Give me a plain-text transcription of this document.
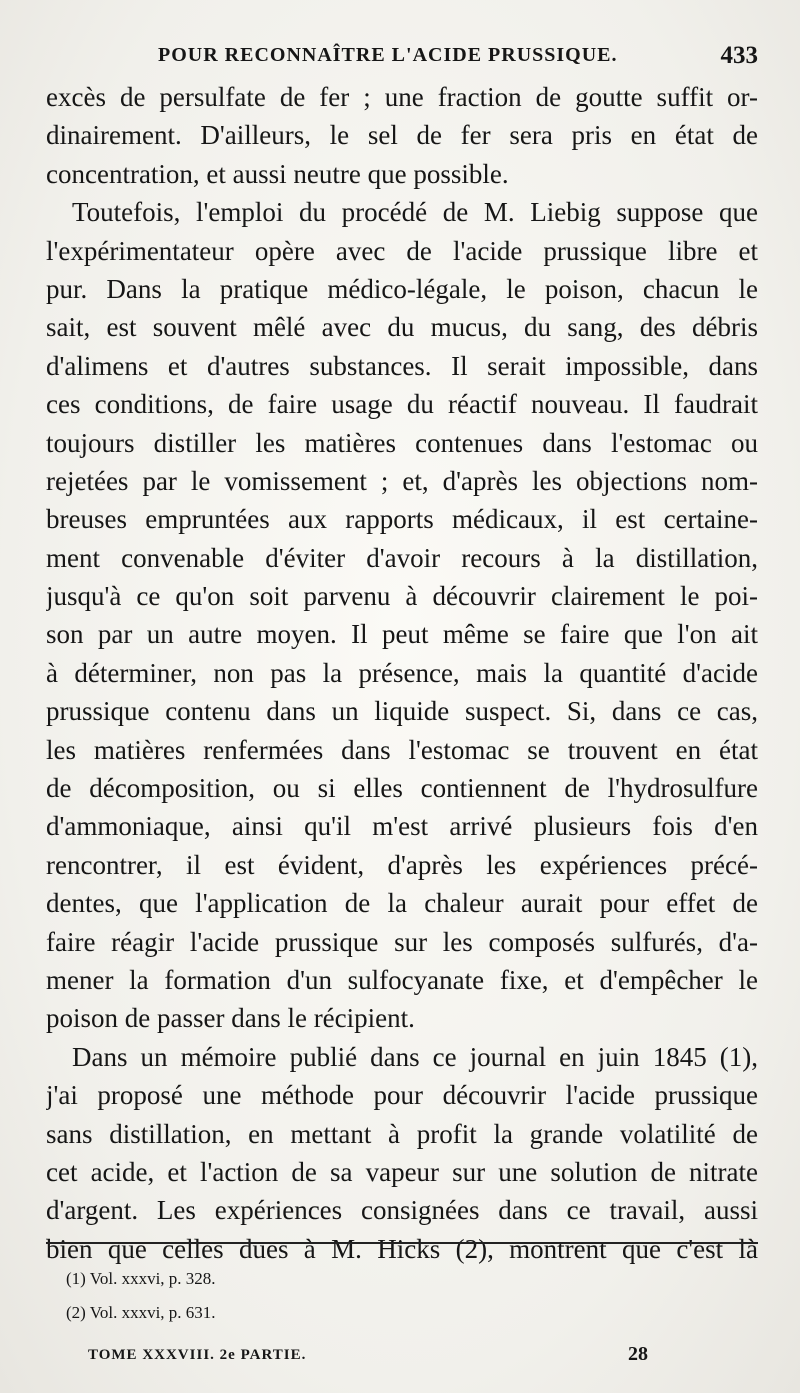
POUR RECONNAÎTRE L'ACIDE PRUSSIQUE.	433
excès de persulfate de fer ; une fraction de goutte suffit or-
dinairement. D'ailleurs, le sel de fer sera pris en état de
concentration, et aussi neutre que possible.
Toutefois, l'emploi du procédé de M. Liebig suppose que
l'expérimentateur opère avec de l'acide prussique libre et
pur. Dans la pratique médico-légale, le poison, chacun le
sait, est souvent mêlé avec du mucus, du sang, des débris
d'alimens et d'autres substances. Il serait impossible, dans
ces conditions, de faire usage du réactif nouveau. Il faudrait
toujours distiller les matières contenues dans l'estomac ou
rejetées par le vomissement ; et, d'après les objections nom-
breuses empruntées aux rapports médicaux, il est certaine-
ment convenable d'éviter d'avoir recours à la distillation,
jusqu'à ce qu'on soit parvenu à découvrir clairement le poi-
son par un autre moyen. Il peut même se faire que l'on ait
à déterminer, non pas la présence, mais la quantité d'acide
prussique contenu dans un liquide suspect. Si, dans ce cas,
les matières renfermées dans l'estomac se trouvent en état
de décomposition, ou si elles contiennent de l'hydrosulfure
d'ammoniaque, ainsi qu'il m'est arrivé plusieurs fois d'en
rencontrer, il est évident, d'après les expériences précé-
dentes, que l'application de la chaleur aurait pour effet de
faire réagir l'acide prussique sur les composés sulfurés, d'a-
mener la formation d'un sulfocyanate fixe, et d'empêcher le
poison de passer dans le récipient.
Dans un mémoire publié dans ce journal en juin 1845 (1),
j'ai proposé une méthode pour découvrir l'acide prussique
sans distillation, en mettant à profit la grande volatilité de
cet acide, et l'action de sa vapeur sur une solution de nitrate
d'argent. Les expériences consignées dans ce travail, aussi
bien que celles dues à M. Hicks (2), montrent que c'est là
(1) Vol. xxxvi, p. 328.
(2) Vol. xxxvi, p. 631.
TOME XXXVIII. 2e PARTIE.	28
